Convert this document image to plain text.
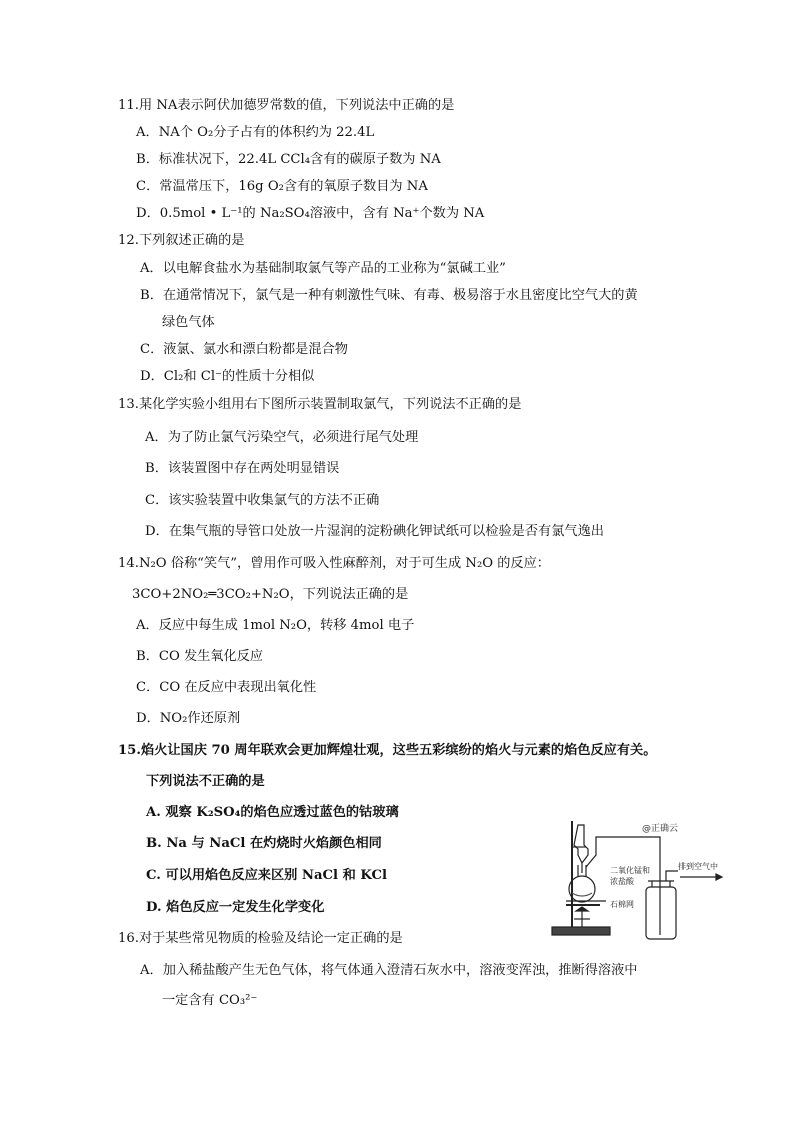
11.用 N⁠A表示阿伏加德罗常数的值，下列说法中正确的是
A．N⁠A个 O₂分子占有的体积约为 22.4L
B．标准状况下，22.4L CCl₄含有的碳原子数为 N⁠A
C．常温常压下，16g O₂含有的氧原子数目为 N⁠A
D．0.5mol • L⁻¹的 Na₂SO₄溶液中，含有 Na⁺个数为 N⁠A
12.下列叙述正确的是
A．以电解食盐水为基础制取氯气等产品的工业称为“氯碱工业”
B．在通常情况下，氯气是一种有刺激性气味、有毒、极易溶于水且密度比空气大的黄
绿色气体
C．液氯、氯水和漂白粉都是混合物
D．Cl₂和 Cl⁻的性质十分相似
13.某化学实验小组用右下图所示装置制取氯气，下列说法不正确的是
A．为了防止氯气污染空气，必须进行尾气处理
B．该装置图中存在两处明显错误
C．该实验装置中收集氯气的方法不正确
D．在集气瓶的导管口处放一片湿润的淀粉碘化钾试纸可以检验是否有氯气逸出
14.N₂O 俗称“笑气”，曾用作可吸入性麻醉剂，对于可生成 N₂O 的反应：
3CO+2NO₂═3CO₂+N₂O，下列说法正确的是
A．反应中每生成 1mol N₂O，转移 4mol 电子
B．CO 发生氧化反应
C．CO 在反应中表现出氧化性
D．NO₂作还原剂
15.焰火让国庆 70 周年联欢会更加辉煌壮观，这些五彩缤纷的焰火与元素的焰色反应有关。
下列说法不正确的是
A. 观察 K₂SO₄的焰色应透过蓝色的钴玻璃
B. Na 与 NaCl 在灼烧时火焰颜色相同
C. 可以用焰色反应来区别 NaCl 和 KCl
D. 焰色反应一定发生化学变化
16.对于某些常见物质的检验及结论一定正确的是
A．加入稀盐酸产生无色气体，将气体通入澄清石灰水中，溶液变浑浊，推断得溶液中
一定含有 CO₃²⁻
二氧化锰和
浓盐酸
石棉网
排到空气中
@正确云
